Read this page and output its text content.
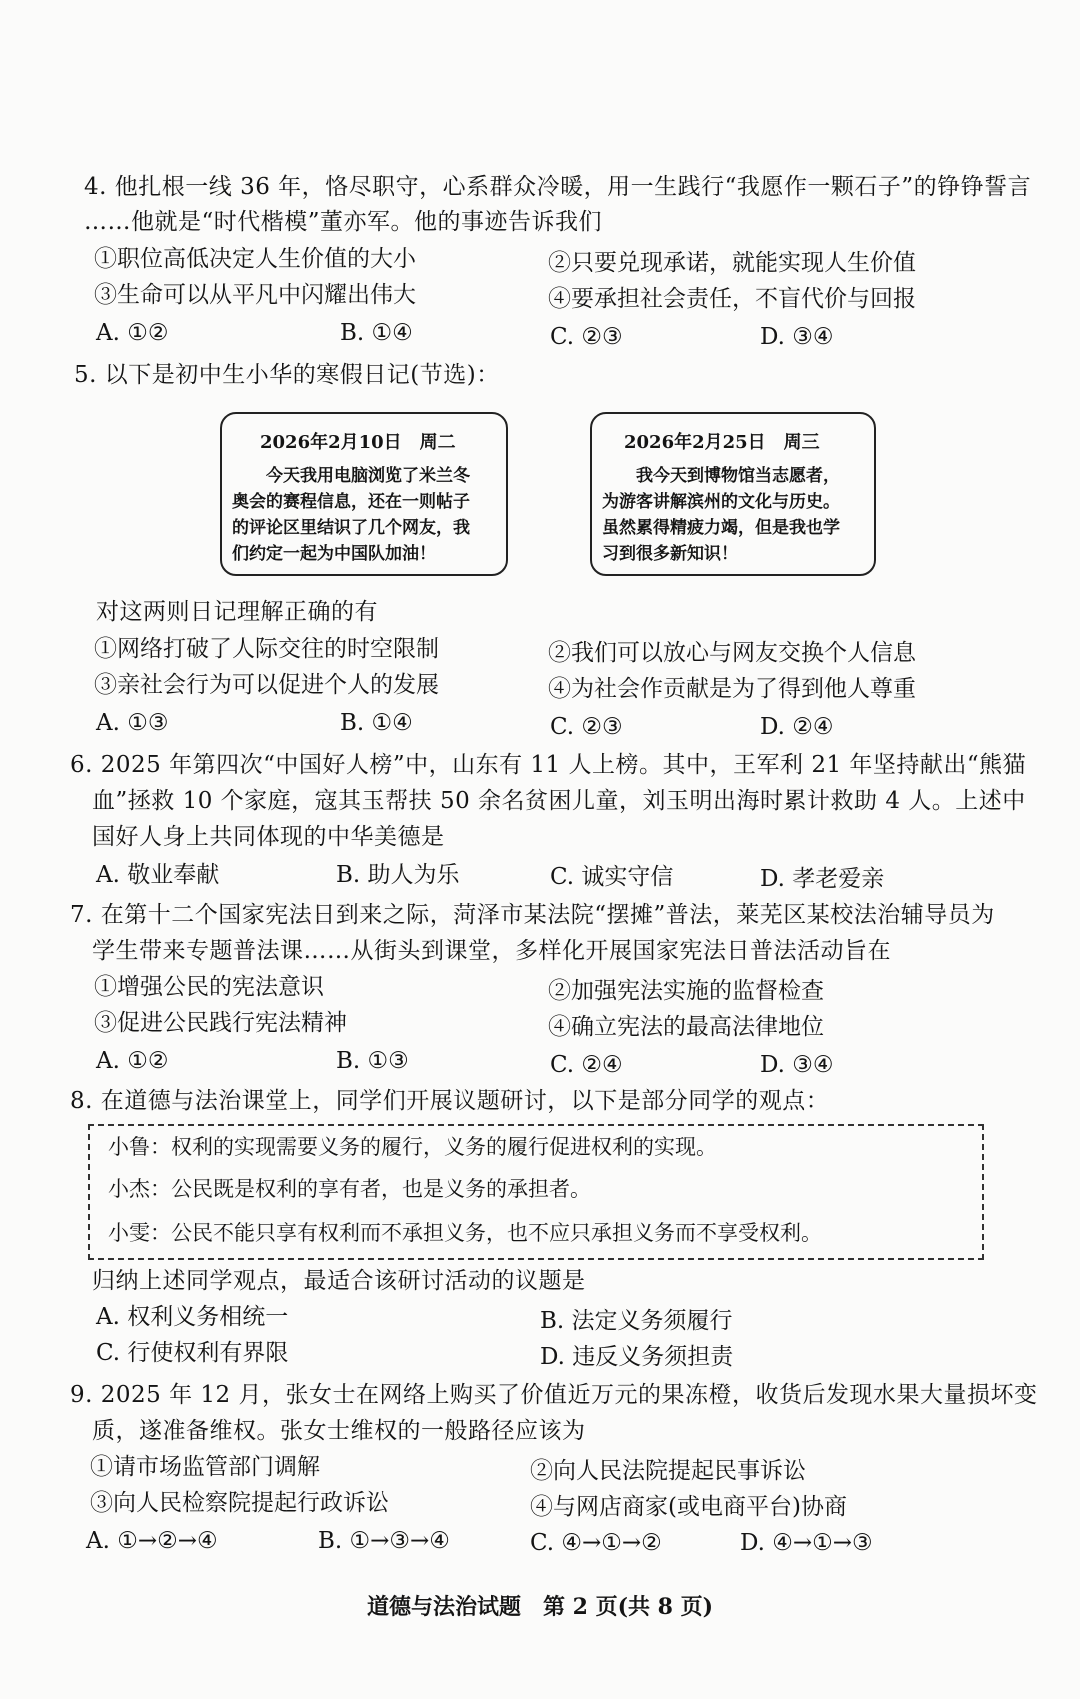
4. 他扎根一线 36 年，恪尽职守，心系群众冷暖，用一生践行“我愿作一颗石子”的铮铮誓言
……他就是“时代楷模”董亦军。他的事迹告诉我们
①职位高低决定人生价值的大小	②只要兑现承诺，就能实现人生价值
③生命可以从平凡中闪耀出伟大	④要承担社会责任，不盲代价与回报
A. ①②	B. ①④	C. ②③	D. ③④
5. 以下是初中生小华的寒假日记(节选)：
2026年2月10日 周二
今天我用电脑浏览了米兰冬
奥会的赛程信息，还在一则帖子
的评论区里结识了几个网友，我
们约定一起为中国队加油！
2026年2月25日 周三
我今天到博物馆当志愿者，
为游客讲解滨州的文化与历史。
虽然累得精疲力竭，但是我也学
习到很多新知识！
对这两则日记理解正确的有
①网络打破了人际交往的时空限制	②我们可以放心与网友交换个人信息
③亲社会行为可以促进个人的发展	④为社会作贡献是为了得到他人尊重
A. ①③	B. ①④	C. ②③	D. ②④
6. 2025 年第四次“中国好人榜”中，山东有 11 人上榜。其中，王军利 21 年坚持献出“熊猫
血”拯救 10 个家庭，寇其玉帮扶 50 余名贫困儿童，刘玉明出海时累计救助 4 人。上述中
国好人身上共同体现的中华美德是
A. 敬业奉献	B. 助人为乐	C. 诚实守信	D. 孝老爱亲
7. 在第十二个国家宪法日到来之际，菏泽市某法院“摆摊”普法，莱芜区某校法治辅导员为
学生带来专题普法课……从街头到课堂，多样化开展国家宪法日普法活动旨在
①增强公民的宪法意识	②加强宪法实施的监督检查
③促进公民践行宪法精神	④确立宪法的最高法律地位
A. ①②	B. ①③	C. ②④	D. ③④
8. 在道德与法治课堂上，同学们开展议题研讨，以下是部分同学的观点：
小鲁：权利的实现需要义务的履行，义务的履行促进权利的实现。
小杰：公民既是权利的享有者，也是义务的承担者。
小雯：公民不能只享有权利而不承担义务，也不应只承担义务而不享受权利。
归纳上述同学观点，最适合该研讨活动的议题是
A. 权利义务相统一	B. 法定义务须履行
C. 行使权利有界限	D. 违反义务须担责
9. 2025 年 12 月，张女士在网络上购买了价值近万元的果冻橙，收货后发现水果大量损坏变
质，遂准备维权。张女士维权的一般路径应该为
①请市场监管部门调解	②向人民法院提起民事诉讼
③向人民检察院提起行政诉讼	④与网店商家(或电商平台)协商
A. ①→②→④	B. ①→③→④	C. ④→①→②	D. ④→①→③
道德与法治试题　第 2 页(共 8 页)
